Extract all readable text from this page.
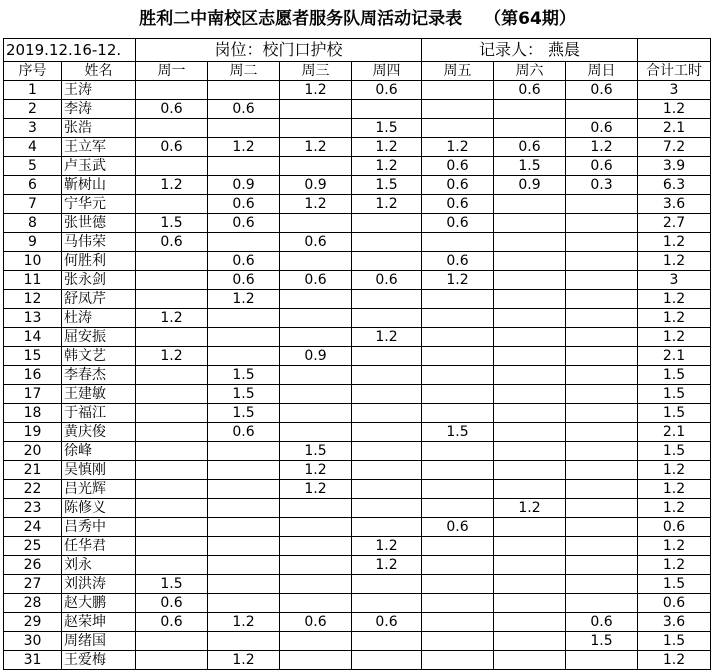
胜利二中南校区志愿者服务队周活动记录表 （第64期）
2019.12.16-12.		岗位：校门口护校				记录人： 燕晨			
序号	姓名	周一	周二	周三	周四	周五	周六	周日	合计工时
1	王涛			1.2	0.6		0.6	0.6	3
2	李涛	0.6	0.6						1.2
3	张浩				1.5			0.6	2.1
4	王立军	0.6	1.2	1.2	1.2	1.2	0.6	1.2	7.2
5	卢玉武				1.2	0.6	1.5	0.6	3.9
6	靳树山	1.2	0.9	0.9	1.5	0.6	0.9	0.3	6.3
7	宁华元		0.6	1.2	1.2	0.6			3.6
8	张世德	1.5	0.6			0.6			2.7
9	马伟荣	0.6		0.6					1.2
10	何胜利		0.6			0.6			1.2
11	张永剑		0.6	0.6	0.6	1.2			3
12	舒凤芹		1.2						1.2
13	杜涛	1.2							1.2
14	屈安振				1.2				1.2
15	韩文艺	1.2		0.9					2.1
16	李春杰		1.5						1.5
17	王建敏		1.5						1.5
18	于福江		1.5						1.5
19	黄庆俊		0.6			1.5			2.1
20	徐峰			1.5					1.5
21	吴慎刚			1.2					1.2
22	吕光辉			1.2					1.2
23	陈修义						1.2		1.2
24	吕秀中					0.6			0.6
25	任华君				1.2				1.2
26	刘永				1.2				1.2
27	刘洪涛	1.5							1.5
28	赵大鹏	0.6							0.6
29	赵荣坤	0.6	1.2	0.6	0.6			0.6	3.6
30	周绪国							1.5	1.5
31	王爱梅		1.2						1.2
